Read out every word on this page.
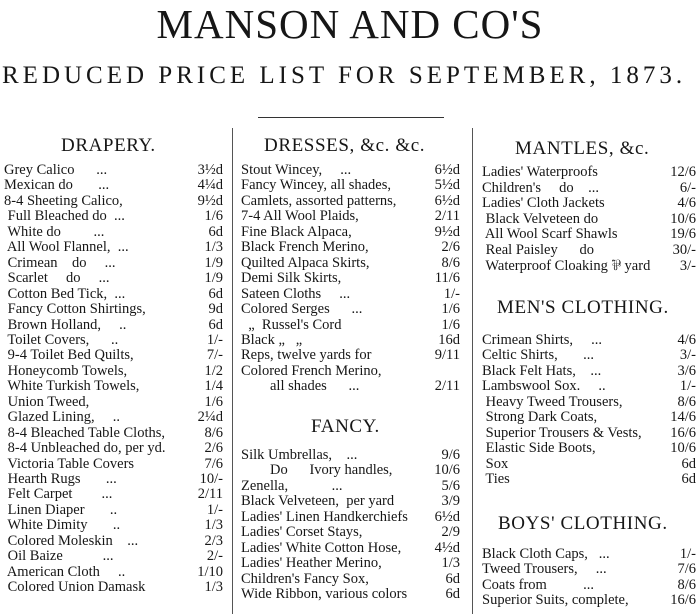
MANSON AND CO'S
REDUCED PRICE LIST FOR SEPTEMBER, 1873.
DRAPERY.
Grey Calico      ...	3½d
Mexican do       ...	4¼d
8-4 Sheeting Calico,	9½d
Full Bleached do  ...	1/6
White do         ...	6d
All Wool Flannel,  ...	1/3
Crimean    do     ...	1/9
Scarlet     do     ...	1/9
Cotton Bed Tick,  ...	6d
Fancy Cotton Shirtings,	9d
Brown Holland,     ..	6d
Toilet Covers,      ..	1/-
9-4 Toilet Bed Quilts,	7/-
Honeycomb Towels,	1/2
White Turkish Towels,	1/4
Union Tweed,	1/6
Glazed Lining,     ..	2¼d
8-4 Bleached Table Cloths,	8/6
8-4 Unbleached do, per yd.	2/6
Victoria Table Covers	7/6
Hearth Rugs       ...	10/-
Felt Carpet        ...	2/11
Linen Diaper       ..	1/-
White Dimity       ..	1/3
Colored Moleskin    ...	2/3
Oil Baize           ...	2/-
American Cloth     ..	1/10
Colored Union Damask	1/3
DRESSES, &c. &c.
Stout Wincey,     ...	6½d
Fancy Wincey, all shades,	5½d
Camlets, assorted patterns,	6½d
7-4 All Wool Plaids,	2/11
Fine Black Alpaca,	9½d
Black French Merino,	2/6
Quilted Alpaca Skirts,	8/6
Demi Silk Skirts,	11/6
Sateen Cloths     ...	1/-
Colored Serges      ...	1/6
„  Russel's Cord	1/6
Black „   „	16d
Reps, twelve yards for	9/11
Colored French Merino,
all shades      ...	2/11
FANCY.
Silk Umbrellas,    ...	9/6
Do      Ivory handles,	10/6
Zenella,            ...	5/6
Black Velveteen,  per yard	3/9
Ladies' Linen Handkerchiefs	6½d
Ladies' Corset Stays,	2/9
Ladies' White Cotton Hose,	4½d
Ladies' Heather Merino,	1/3
Children's Fancy Sox,	6d
Wide Ribbon, various colors	6d
MANTLES, &c.
Ladies' Waterproofs	12/6
Children's     do    ...	6/-
Ladies' Cloth Jackets	4/6
Black Velveteen do	10/6
All Wool Scarf Shawls	19/6
Real Paisley      do	30/-
Waterproof Cloaking ⅌ yard	3/-
MEN'S CLOTHING.
Crimean Shirts,     ...	4/6
Celtic Shirts,       ...	3/-
Black Felt Hats,    ...	3/6
Lambswool Sox.     ..	1/-
Heavy Tweed Trousers,	8/6
Strong Dark Coats,	14/6
Superior Trousers & Vests,	16/6
Elastic Side Boots,	10/6
Sox	6d
Ties	6d
BOYS' CLOTHING.
Black Cloth Caps,   ...	1/-
Tweed Trousers,     ...	7/6
Coats from          ...	8/6
Superior Suits, complete,	16/6
